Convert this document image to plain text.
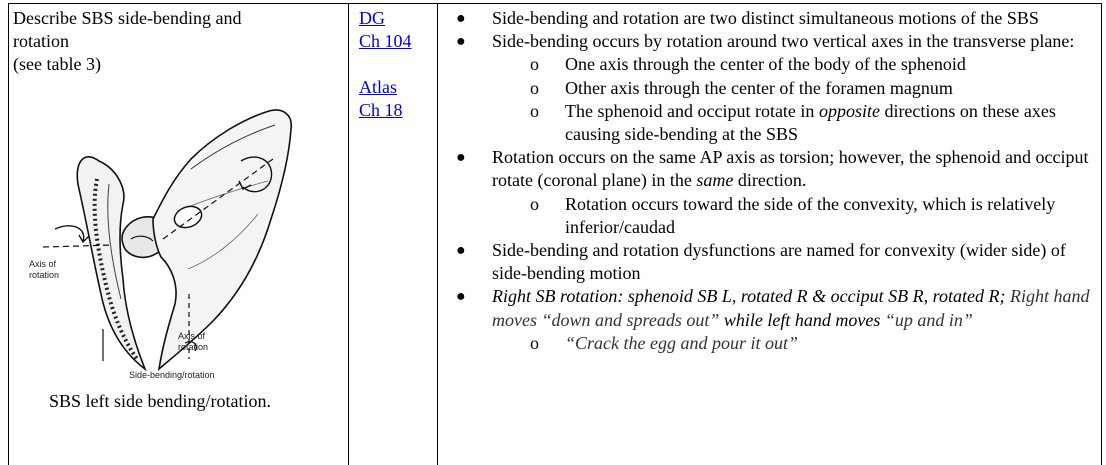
Describe SBS side-bending and
rotation
(see table 3)
Axis of
rotation
Axis of
rotation
Side-bending/rotation
SBS left side bending/rotation.
DG
Ch 104
Atlas
Ch 18
● Side-bending and rotation are two distinct simultaneous motions of the SBS
● Side-bending occurs by rotation around two vertical axes in the transverse plane:
o One axis through the center of the body of the sphenoid
o Other axis through the center of the foramen magnum
o The sphenoid and occiput rotate in opposite directions on these axes causing side-bending at the SBS
● Rotation occurs on the same AP axis as torsion; however, the sphenoid and occiput rotate (coronal plane) in the same direction.
o Rotation occurs toward the side of the convexity, which is relatively inferior/caudad
● Side-bending and rotation dysfunctions are named for convexity (wider side) of side-bending motion
● Right SB rotation: sphenoid SB L, rotated R & occiput SB R, rotated R; Right hand moves “down and spreads out” while left hand moves “up and in”
o “Crack the egg and pour it out”
